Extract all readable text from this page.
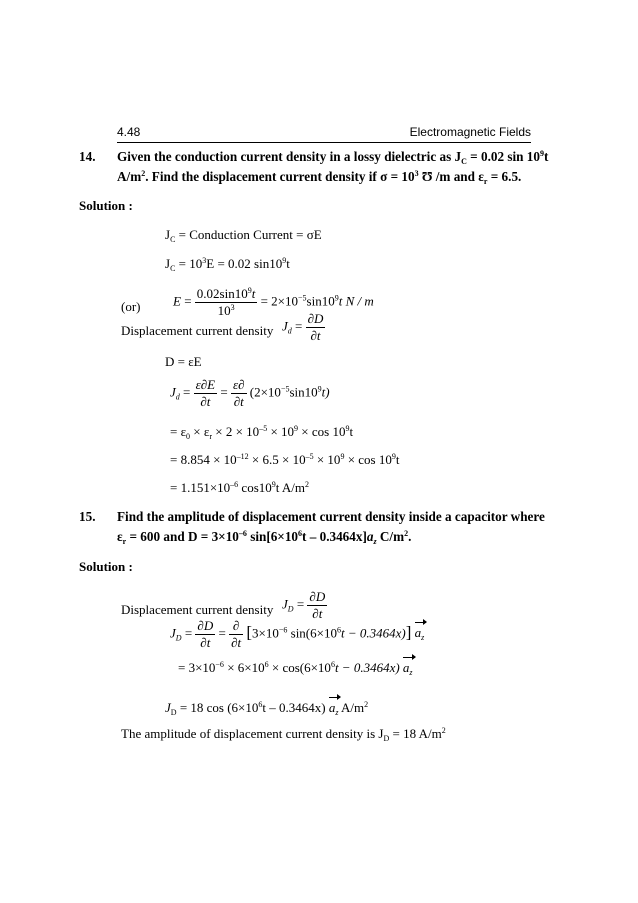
4.48	Electromagnetic Fields
14. Given the conduction current density in a lossy dielectric as $J_C = 0.02$ $\sin 10^9t$
$A/m^2$. Find the displacement current density if $\sigma = 10^3$ Ʊ /m and $\varepsilon_r = 6.5$.
Solution :
$J_C$ = Conduction Current = σE
$J_C = 10^3E = 0.02$ $\sin 10^9t$
(or)	$E = \frac{0.02\sin 10^9t}{10^3} = 2\times 10^{-5}\sin 10^9t$ N / m
Displacement current density $J_d = \frac{\partial D}{\partial t}$
D = εE
$J_d = \frac{\varepsilon\partial E}{\partial t} = \frac{\varepsilon\partial}{\partial t} (2\times 10^{-5}\sin 10^9t)$
= $\varepsilon_0 \times \varepsilon_r \times 2 \times 10^{-5} \times 10^9 \times \cos 10^9t$
= $8.854 \times 10^{-12} \times 6.5 \times 10^{-5} \times 10^9 \times \cos 10^9t$
= $1.151\times 10^{-6}$ $\cos 10^9t$ $A/m^2$
15. Find the amplitude of displacement current density inside a capacitor where
$\varepsilon_r = 600$ and $D = 3\times 10^{-6}$ $\sin[6\times 10^6t - 0.3464x]a_z$ $C/m^2$.
Solution :
Displacement current density $J_D = \frac{\partial D}{\partial t}$
$J_D = \frac{\partial D}{\partial t} = \frac{\partial}{\partial t} [3\times 10^{-6}$ $\sin(6\times 10^6t - 0.3464x)$] $a_z$
= $3\times 10^{-6} \times 6\times 10^6 \times \cos(6\times 10^6t - 0.3464x)$ $a_z$
$J_D = 18$ $\cos (6\times 10^6t - 0.3464x)$ $a_z$ $A/m^2$
The amplitude of displacement current density is $J_D = 18$ $A/m^2$
